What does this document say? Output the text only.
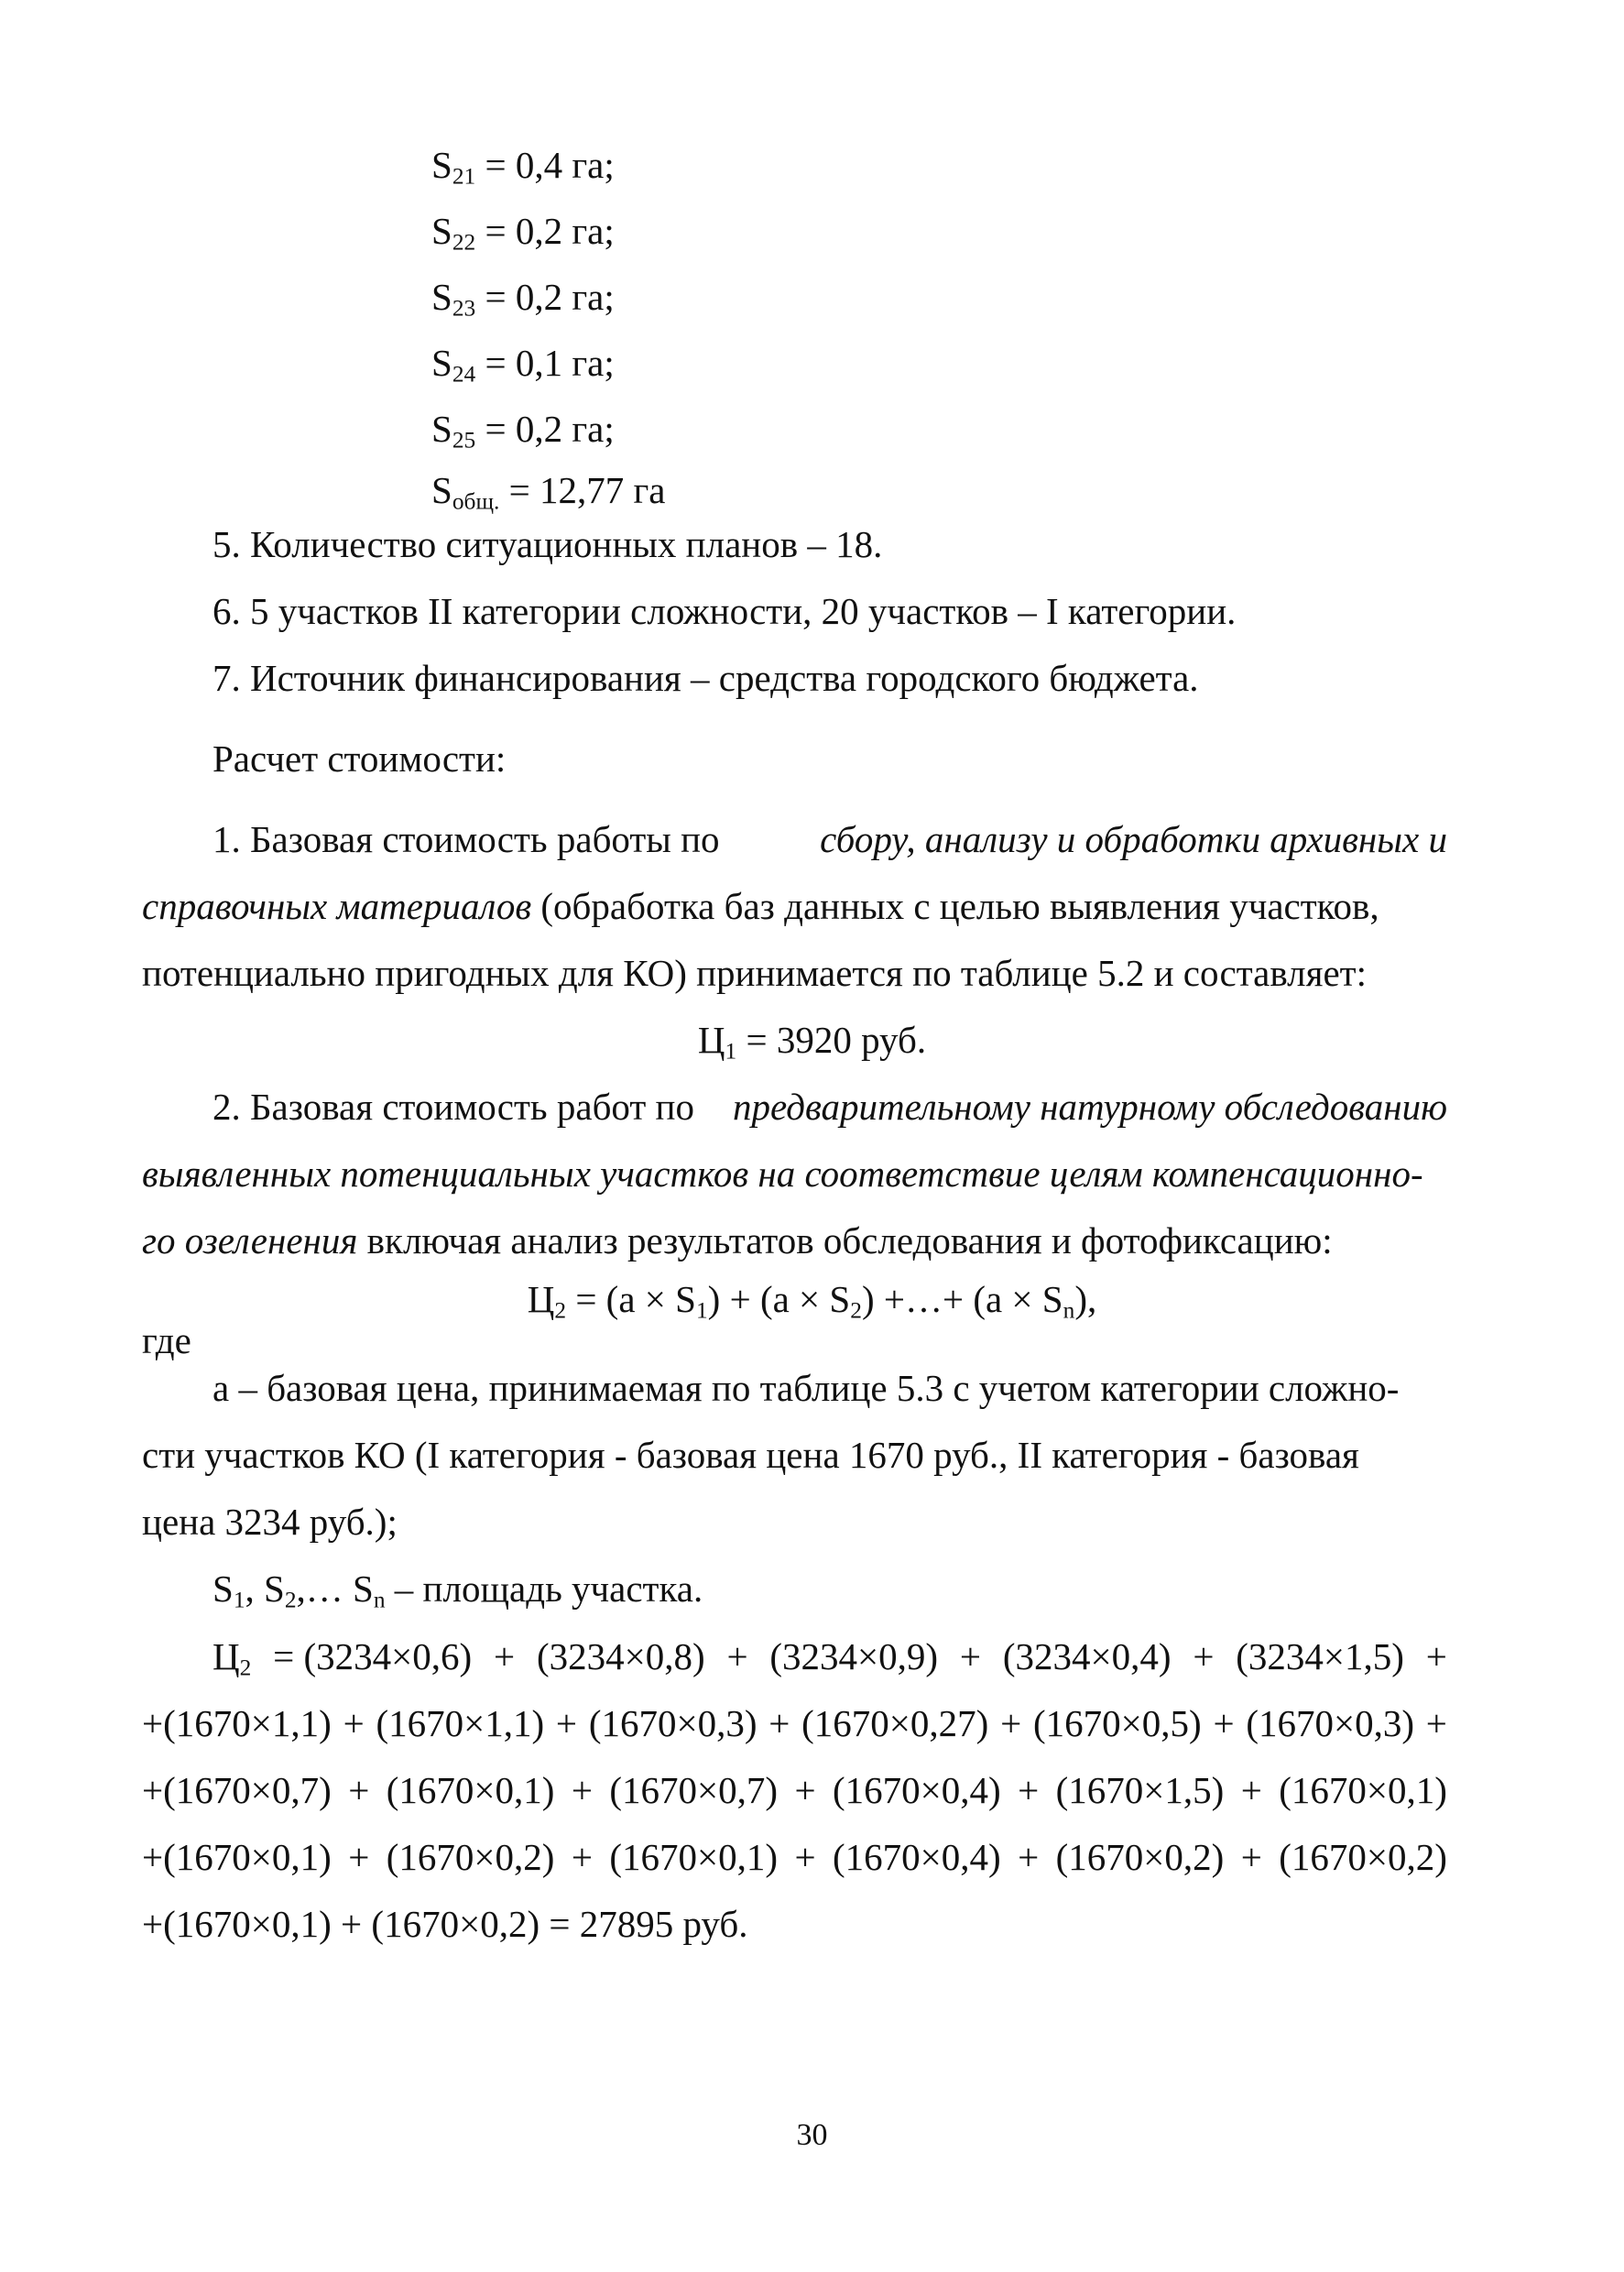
$S_{21} = 0,4$ га;
$S_{22} = 0,2$ га;
$S_{23} = 0,2$ га;
$S_{24} = 0,1$ га;
$S_{25} = 0,2$ га;
$S_{общ.} = 12,77$ га
5. Количество ситуационных планов – 18.
6. 5 участков II категории сложности, 20 участков – I категории.
7. Источник финансирования – средства городского бюджета.
Расчет стоимости:
1. Базовая стоимость работы по сбору, анализу и обработки архивных и
справочных материалов (обработка баз данных с целью выявления участков,
потенциально пригодных для КО) принимается по таблице 5.2 и составляет:
$Ц_1 = 3920$ руб.
2. Базовая стоимость работ по предварительному натурному обследованию
выявленных потенциальных участков на соответствие целям компенсационно-
го озеленения включая анализ результатов обследования и фотофиксацию:
$Ц_2 = (a \times S_1) + (a \times S_2)$ +…+ $(a \times S_n)$,
где
а – базовая цена, принимаемая по таблице 5.3 с учетом категории сложно-
сти участков КО (I категория - базовая цена 1670 руб., II категория - базовая
цена 3234 руб.);
$S_1$, $S_2,\dots$ $S_n$ – площадь участка.
$Ц_2 = (3234\times 0,6) + (3234\times 0,8) + (3234\times 0,9) + (3234\times 0,4) + (3234\times 1,5)$ +
+(1670×1,1) + (1670×1,1) + (1670×0,3) + (1670×0,27) + (1670×0,5) + (1670×0,3) +
+(1670×0,7) + (1670×0,1) + (1670×0,7) + (1670×0,4) + (1670×1,5) + (1670×0,1)
+(1670×0,1) + (1670×0,2) + (1670×0,1) + (1670×0,4) + (1670×0,2) + (1670×0,2)
+(1670×0,1) + (1670×0,2) = 27895 руб.
30
